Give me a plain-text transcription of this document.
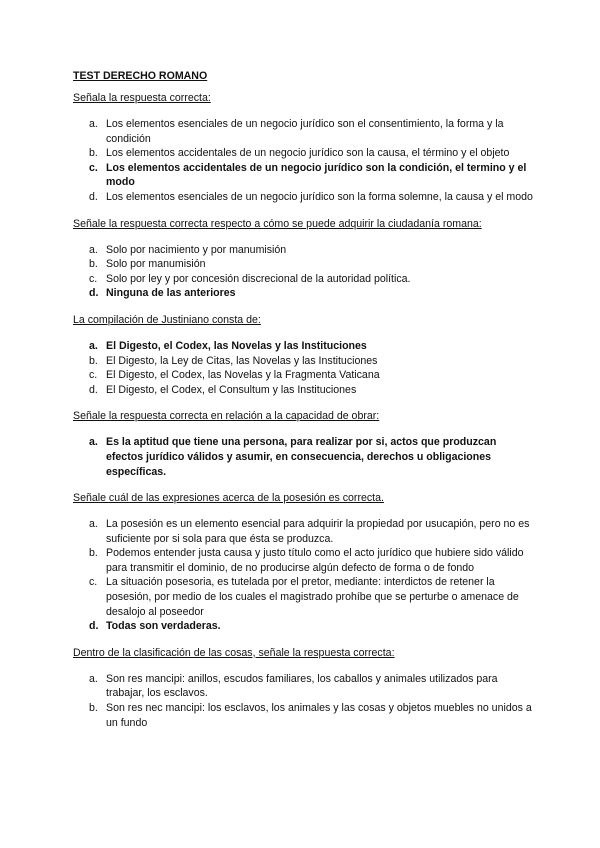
TEST DERECHO ROMANO

Señala la respuesta correcta:

a. Los elementos esenciales de un negocio jurídico son el consentimiento, la forma y la condición
b. Los elementos accidentales de un negocio jurídico son la causa, el término y el objeto
c. Los elementos accidentales de un negocio jurídico son la condición, el termino y el modo
d. Los elementos esenciales de un negocio jurídico son la forma solemne, la causa y el modo

Señale la respuesta correcta respecto a cómo se puede adquirir la ciudadanía romana:

a. Solo por nacimiento y por manumisión
b. Solo por manumisión
c. Solo por ley y por concesión discrecional de la autoridad política.
d. Ninguna de las anteriores

La compilación de Justiniano consta de:

a. El Digesto, el Codex, las Novelas y las Instituciones
b. El Digesto, la Ley de Citas, las Novelas y las Instituciones
c. El Digesto, el Codex, las Novelas y la Fragmenta Vaticana
d. El Digesto, el Codex, el Consultum y las Instituciones

Señale la respuesta correcta en relación a la capacidad de obrar:

a. Es la aptitud que tiene una persona, para realizar por si, actos que produzcan efectos jurídico válidos y asumir, en consecuencia, derechos u obligaciones específicas.

Señale cuál de las expresiones acerca de la posesión es correcta.

a. La posesión es un elemento esencial para adquirir la propiedad por usucapión, pero no es suficiente por si sola para que ésta se produzca.
b. Podemos entender justa causa y justo título como el acto jurídico que hubiere sido válido para transmitir el dominio, de no producirse algún defecto de forma o de fondo
c. La situación posesoria, es tutelada por el pretor, mediante: interdictos de retener la posesión, por medio de los cuales el magistrado prohíbe que se perturbe o amenace de desalojo al poseedor
d. Todas son verdaderas.

Dentro de la clasificación de las cosas, señale la respuesta correcta:

a. Son res mancipi: anillos, escudos familiares, los caballos y animales utilizados para trabajar, los esclavos.
b. Son res nec mancipi: los esclavos, los animales y las cosas y objetos muebles no unidos a un fundo
